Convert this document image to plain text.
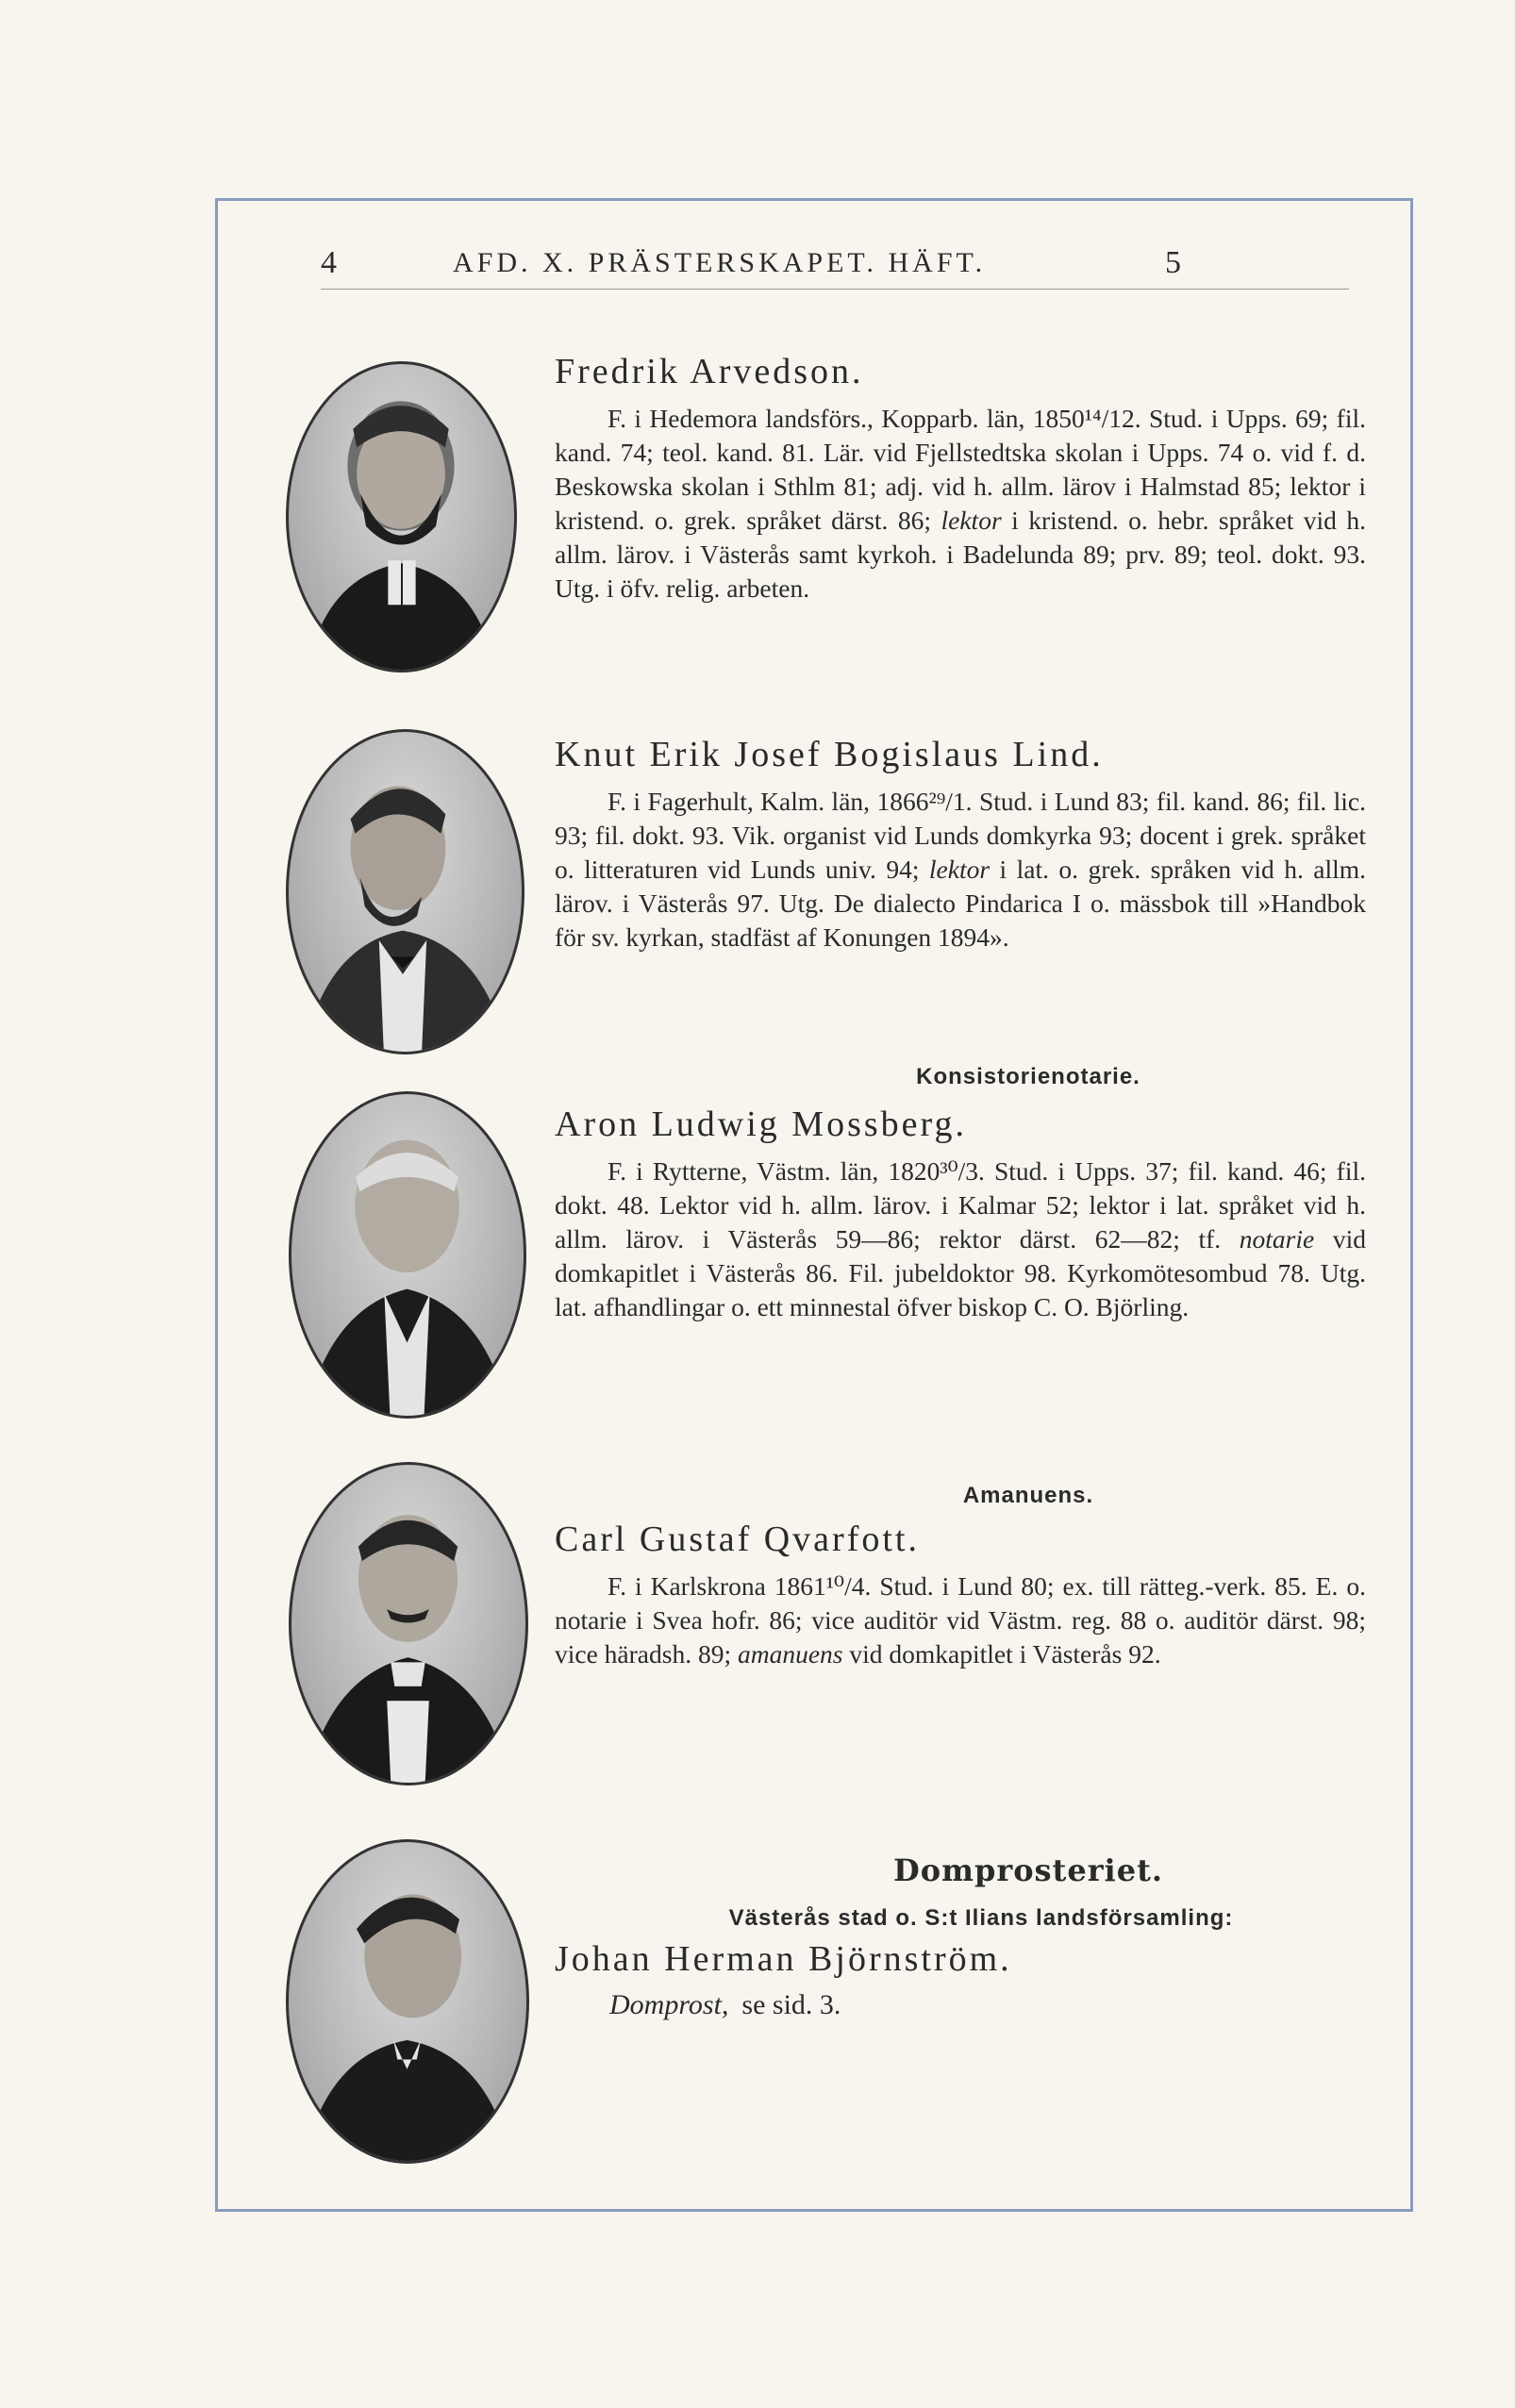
4	AFD. X. PRÄSTERSKAPET. HÄFT.	5
Fredrik Arvedson.

F. i Hedemora landsförs., Kopparb. län, 1850¹⁴/12. Stud. i Upps. 69; fil. kand. 74; teol. kand. 81. Lär. vid Fjellstedtska skolan i Upps. 74 o. vid f. d. Beskowska skolan i Sthlm 81; adj. vid h. allm. lärov i Halmstad 85; lektor i kristend. o. grek. språket därst. 86; lektor i kristend. o. hebr. språket vid h. allm. lärov. i Västerås samt kyrkoh. i Badelunda 89; prv. 89; teol. dokt. 93. Utg. i öfv. relig. arbeten.

Knut Erik Josef Bogislaus Lind.

F. i Fagerhult, Kalm. län, 1866²⁹/1. Stud. i Lund 83; fil. kand. 86; fil. lic. 93; fil. dokt. 93. Vik. organist vid Lunds domkyrka 93; docent i grek. språket o. litteraturen vid Lunds univ. 94; lektor i lat. o. grek. språken vid h. allm. lärov. i Västerås 97. Utg. De dialecto Pindarica I o. mässbok till »Handbok för sv. kyrkan, stadfäst af Konungen 1894».

Konsistorienotarie.
Aron Ludwig Mossberg.

F. i Rytterne, Västm. län, 1820³⁰/3. Stud. i Upps. 37; fil. kand. 46; fil. dokt. 48. Lektor vid h. allm. lärov. i Kalmar 52; lektor i lat. språket vid h. allm. lärov. i Västerås 59—86; rektor därst. 62—82; tf. notarie vid domkapitlet i Västerås 86. Fil. jubeldoktor 98. Kyrkomötesombud 78. Utg. lat. afhandlingar o. ett minnestal öfver biskop C. O. Björling.

Amanuens.
Carl Gustaf Qvarfott.

F. i Karlskrona 1861¹⁰/4. Stud. i Lund 80; ex. till rätteg.-verk. 85. E. o. notarie i Svea hofr. 86; vice auditör vid Västm. reg. 88 o. auditör därst. 98; vice häradsh. 89; amanuens vid domkapitlet i Västerås 92.

Domprosteriet.
Västerås stad o. S:t Ilians landsförsamling:
Johan Herman Björnström.

Domprost, se sid. 3.
